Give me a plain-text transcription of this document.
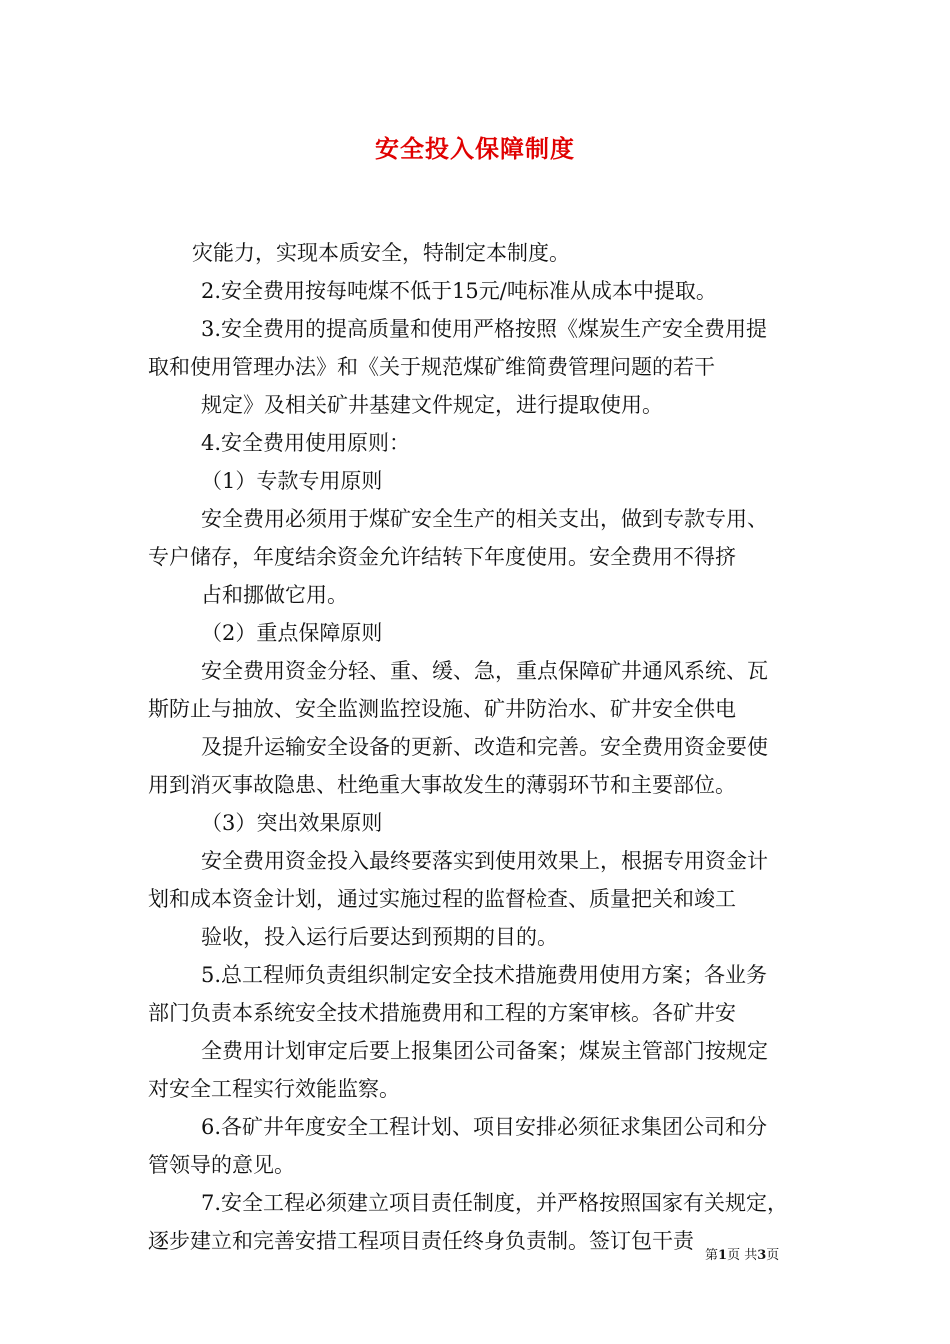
安全投入保障制度
灾能力，实现本质安全，特制定本制度。
2.安全费用按每吨煤不低于15元/吨标准从成本中提取。
3.安全费用的提高质量和使用严格按照《煤炭生产安全费用提
取和使用管理办法》和《关于规范煤矿维简费管理问题的若干
规定》及相关矿井基建文件规定，进行提取使用。
4.安全费用使用原则：
（1）专款专用原则
安全费用必须用于煤矿安全生产的相关支出，做到专款专用、
专户储存，年度结余资金允许结转下年度使用。安全费用不得挤
占和挪做它用。
（2）重点保障原则
安全费用资金分轻、重、缓、急，重点保障矿井通风系统、瓦
斯防止与抽放、安全监测监控设施、矿井防治水、矿井安全供电
及提升运输安全设备的更新、改造和完善。安全费用资金要使
用到消灭事故隐患、杜绝重大事故发生的薄弱环节和主要部位。
（3）突出效果原则
安全费用资金投入最终要落实到使用效果上，根据专用资金计
划和成本资金计划，通过实施过程的监督检查、质量把关和竣工
验收，投入运行后要达到预期的目的。
5.总工程师负责组织制定安全技术措施费用使用方案；各业务
部门负责本系统安全技术措施费用和工程的方案审核。各矿井安
全费用计划审定后要上报集团公司备案；煤炭主管部门按规定
对安全工程实行效能监察。
6.各矿井年度安全工程计划、项目安排必须征求集团公司和分
管领导的意见。
7.安全工程必须建立项目责任制度，并严格按照国家有关规定，
逐步建立和完善安措工程项目责任终身负责制。签订包干责
第1页 共3页
